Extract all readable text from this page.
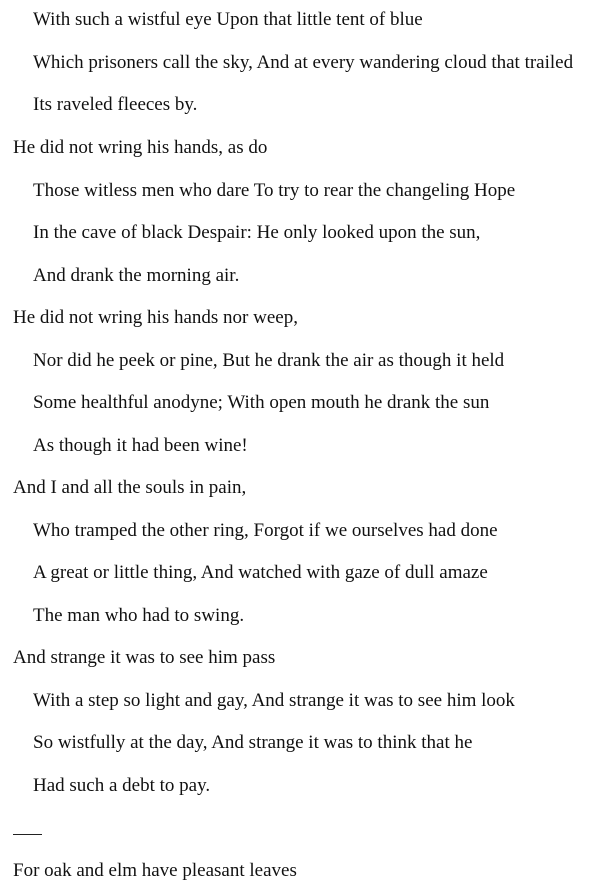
With such a wistful eye Upon that little tent of blue
Which prisoners call the sky, And at every wandering cloud that trailed
Its raveled fleeces by.
He did not wring his hands, as do
Those witless men who dare To try to rear the changeling Hope
In the cave of black Despair: He only looked upon the sun,
And drank the morning air.
He did not wring his hands nor weep,
Nor did he peek or pine, But he drank the air as though it held
Some healthful anodyne; With open mouth he drank the sun
As though it had been wine!
And I and all the souls in pain,
Who tramped the other ring, Forgot if we ourselves had done
A great or little thing, And watched with gaze of dull amaze
The man who had to swing.
And strange it was to see him pass
With a step so light and gay, And strange it was to see him look
So wistfully at the day, And strange it was to think that he
Had such a debt to pay.
For oak and elm have pleasant leaves
